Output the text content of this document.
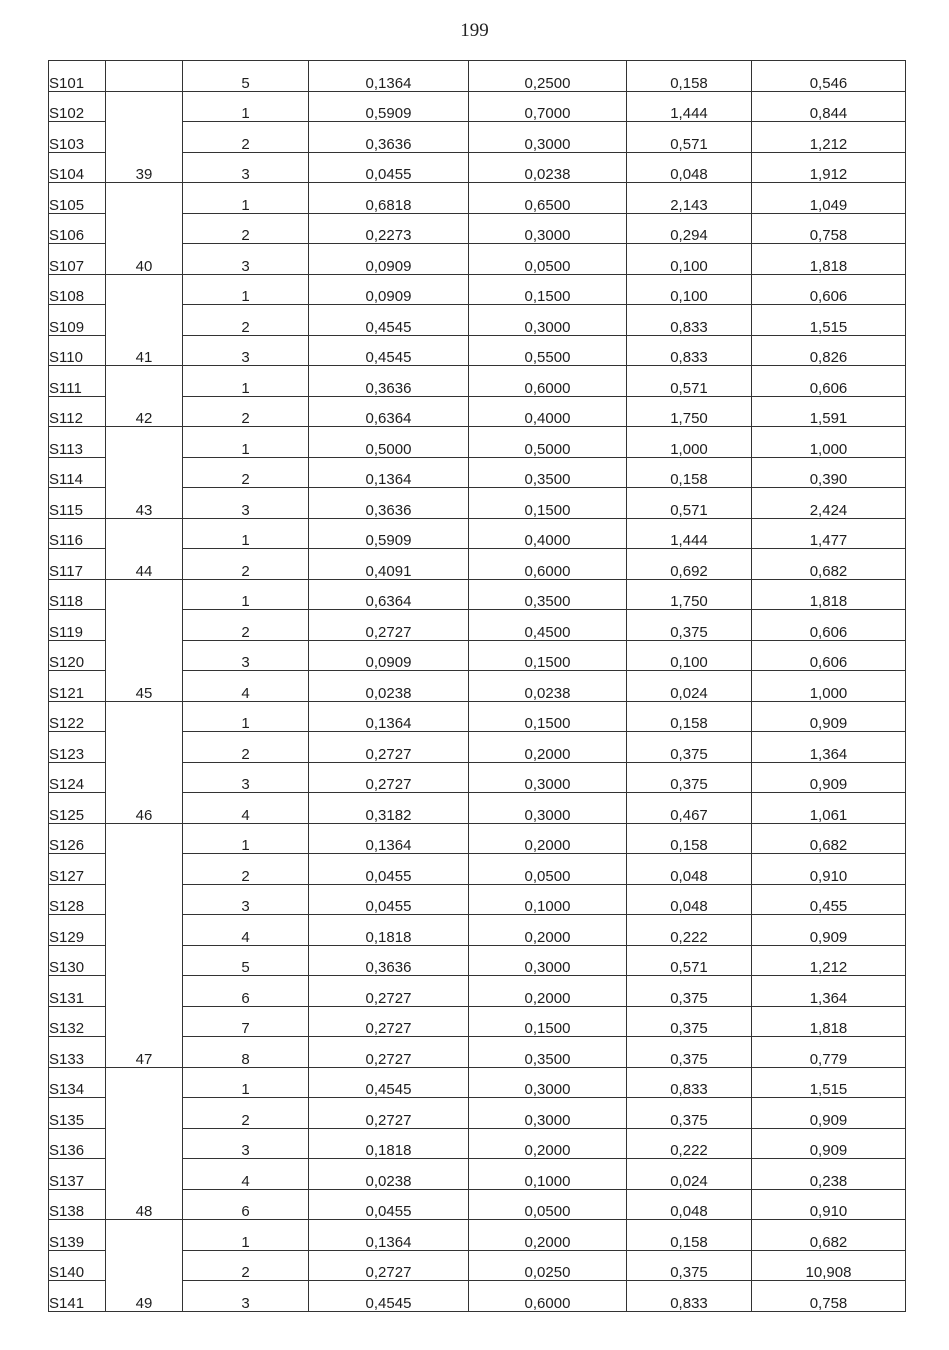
199
S101		5	0,1364	0,2500	0,158	0,546
S102	39	1	0,5909	0,7000	1,444	0,844
S103		2	0,3636	0,3000	0,571	1,212
S104		3	0,0455	0,0238	0,048	1,912
S105	40	1	0,6818	0,6500	2,143	1,049
S106		2	0,2273	0,3000	0,294	0,758
S107		3	0,0909	0,0500	0,100	1,818
S108	41	1	0,0909	0,1500	0,100	0,606
S109		2	0,4545	0,3000	0,833	1,515
S110		3	0,4545	0,5500	0,833	0,826
S111	42	1	0,3636	0,6000	0,571	0,606
S112		2	0,6364	0,4000	1,750	1,591
S113	43	1	0,5000	0,5000	1,000	1,000
S114		2	0,1364	0,3500	0,158	0,390
S115		3	0,3636	0,1500	0,571	2,424
S116	44	1	0,5909	0,4000	1,444	1,477
S117		2	0,4091	0,6000	0,692	0,682
S118	45	1	0,6364	0,3500	1,750	1,818
S119		2	0,2727	0,4500	0,375	0,606
S120		3	0,0909	0,1500	0,100	0,606
S121		4	0,0238	0,0238	0,024	1,000
S122	46	1	0,1364	0,1500	0,158	0,909
S123		2	0,2727	0,2000	0,375	1,364
S124		3	0,2727	0,3000	0,375	0,909
S125		4	0,3182	0,3000	0,467	1,061
S126	47	1	0,1364	0,2000	0,158	0,682
S127		2	0,0455	0,0500	0,048	0,910
S128		3	0,0455	0,1000	0,048	0,455
S129		4	0,1818	0,2000	0,222	0,909
S130		5	0,3636	0,3000	0,571	1,212
S131		6	0,2727	0,2000	0,375	1,364
S132		7	0,2727	0,1500	0,375	1,818
S133		8	0,2727	0,3500	0,375	0,779
S134	48	1	0,4545	0,3000	0,833	1,515
S135		2	0,2727	0,3000	0,375	0,909
S136		3	0,1818	0,2000	0,222	0,909
S137		4	0,0238	0,1000	0,024	0,238
S138		6	0,0455	0,0500	0,048	0,910
S139	49	1	0,1364	0,2000	0,158	0,682
S140		2	0,2727	0,0250	0,375	10,908
S141		3	0,4545	0,6000	0,833	0,758
